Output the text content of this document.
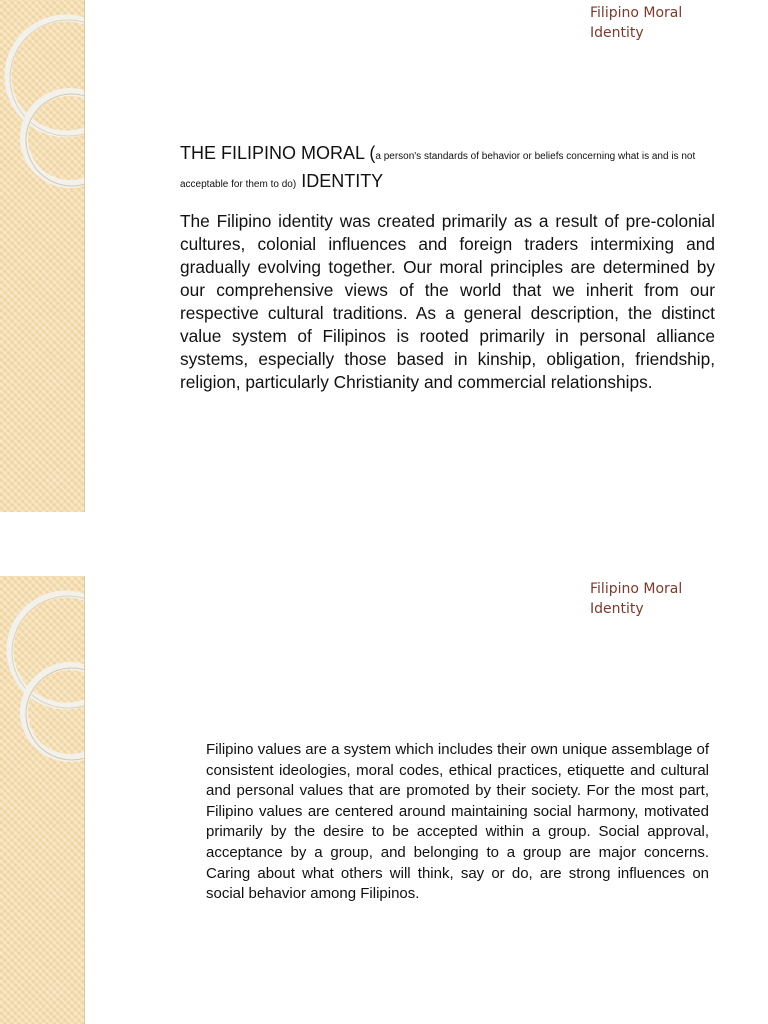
Filipino Moral
Identity
THE FILIPINO MORAL (a person's standards of behavior or beliefs concerning what is and is not acceptable for them to do) IDENTITY

The Filipino identity was created primarily as a result of pre-colonial cultures, colonial influences and foreign traders intermixing and gradually evolving together. Our moral principles are determined by our comprehensive views of the world that we inherit from our respective cultural traditions. As a general description, the distinct value system of Filipinos is rooted primarily in personal alliance systems, especially those based in kinship, obligation, friendship, religion, particularly Christianity and commercial relationships.

Filipino Moral
Identity

Filipino values are a system which includes their own unique assemblage of consistent ideologies, moral codes, ethical practices, etiquette and cultural and personal values that are promoted by their society. For the most part, Filipino values are centered around maintaining social harmony, motivated primarily by the desire to be accepted within a group. Social approval, acceptance by a group, and belonging to a group are major concerns. Caring about what others will think, say or do, are strong influences on social behavior among Filipinos.
